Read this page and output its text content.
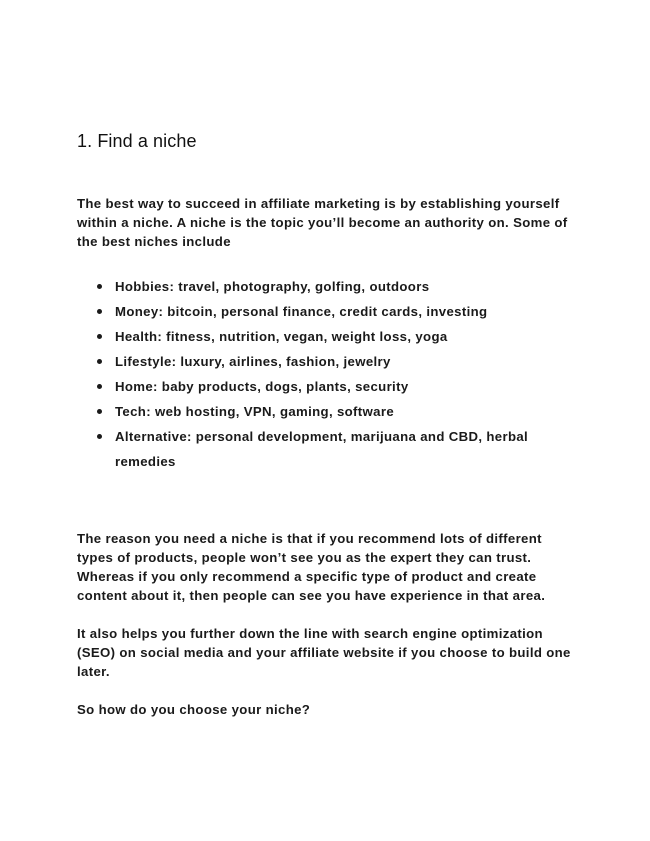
1. Find a niche

The best way to succeed in affiliate marketing is by establishing yourself within a niche. A niche is the topic you’ll become an authority on. Some of the best niches include

Hobbies: travel, photography, golfing, outdoors
Money: bitcoin, personal finance, credit cards, investing
Health: fitness, nutrition, vegan, weight loss, yoga
Lifestyle: luxury, airlines, fashion, jewelry
Home: baby products, dogs, plants, security
Tech: web hosting, VPN, gaming, software
Alternative: personal development, marijuana and CBD, herbal remedies

The reason you need a niche is that if you recommend lots of different types of products, people won’t see you as the expert they can trust. Whereas if you only recommend a specific type of product and create content about it, then people can see you have experience in that area.

It also helps you further down the line with search engine optimization (SEO) on social media and your affiliate website if you choose to build one later.

So how do you choose your niche?
